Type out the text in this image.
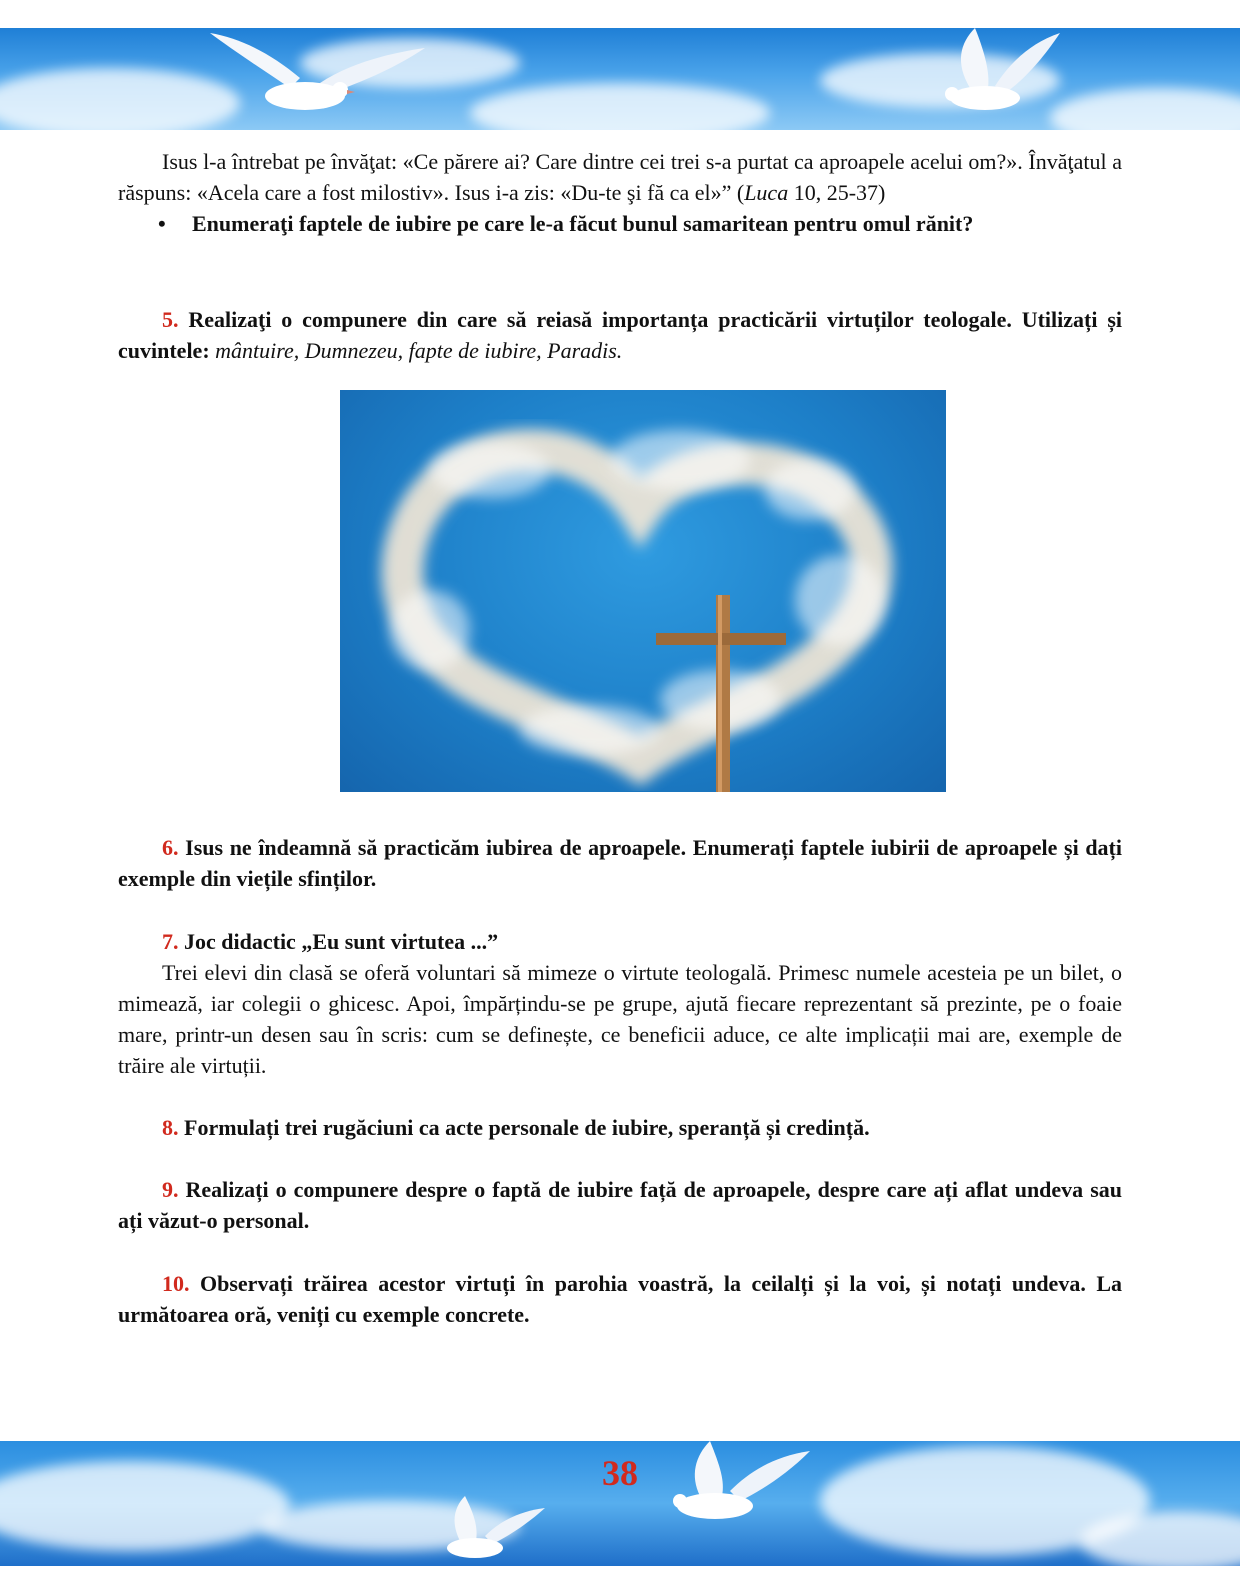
Isus l-a întrebat pe învăţat: «Ce părere ai? Care dintre cei trei s-a purtat ca aproapele acelui om?». Învăţatul a răspuns: «Acela care a fost milostiv». Isus i-a zis: «Du-te şi fă ca el»” (Luca 10, 25-37)

• Enumeraţi faptele de iubire pe care le-a făcut bunul samaritean pentru omul rănit?

5. Realizaţi o compunere din care să reiasă importanța practicării virtuților teologale. Utilizați și cuvintele: mântuire, Dumnezeu, fapte de iubire, Paradis.

6. Isus ne îndeamnă să practicăm iubirea de aproapele. Enumerați faptele iubirii de aproapele și dați exemple din viețile sfinților.

7. Joc didactic „Eu sunt virtutea ...”

Trei elevi din clasă se oferă voluntari să mimeze o virtute teologală. Primesc numele acesteia pe un bilet, o mimează, iar colegii o ghicesc. Apoi, împărțindu-se pe grupe, ajută fiecare reprezentant să prezinte, pe o foaie mare, printr-un desen sau în scris: cum se definește, ce beneficii aduce, ce alte implicații mai are, exemple de trăire ale virtuții.

8. Formulați trei rugăciuni ca acte personale de iubire, speranță și credință.

9. Realizați o compunere despre o faptă de iubire față de aproapele, despre care ați aflat undeva sau ați văzut-o personal.

10. Observați trăirea acestor virtuți în parohia voastră, la ceilalți și la voi, și notați undeva. La următoarea oră, veniți cu exemple concrete.

38
